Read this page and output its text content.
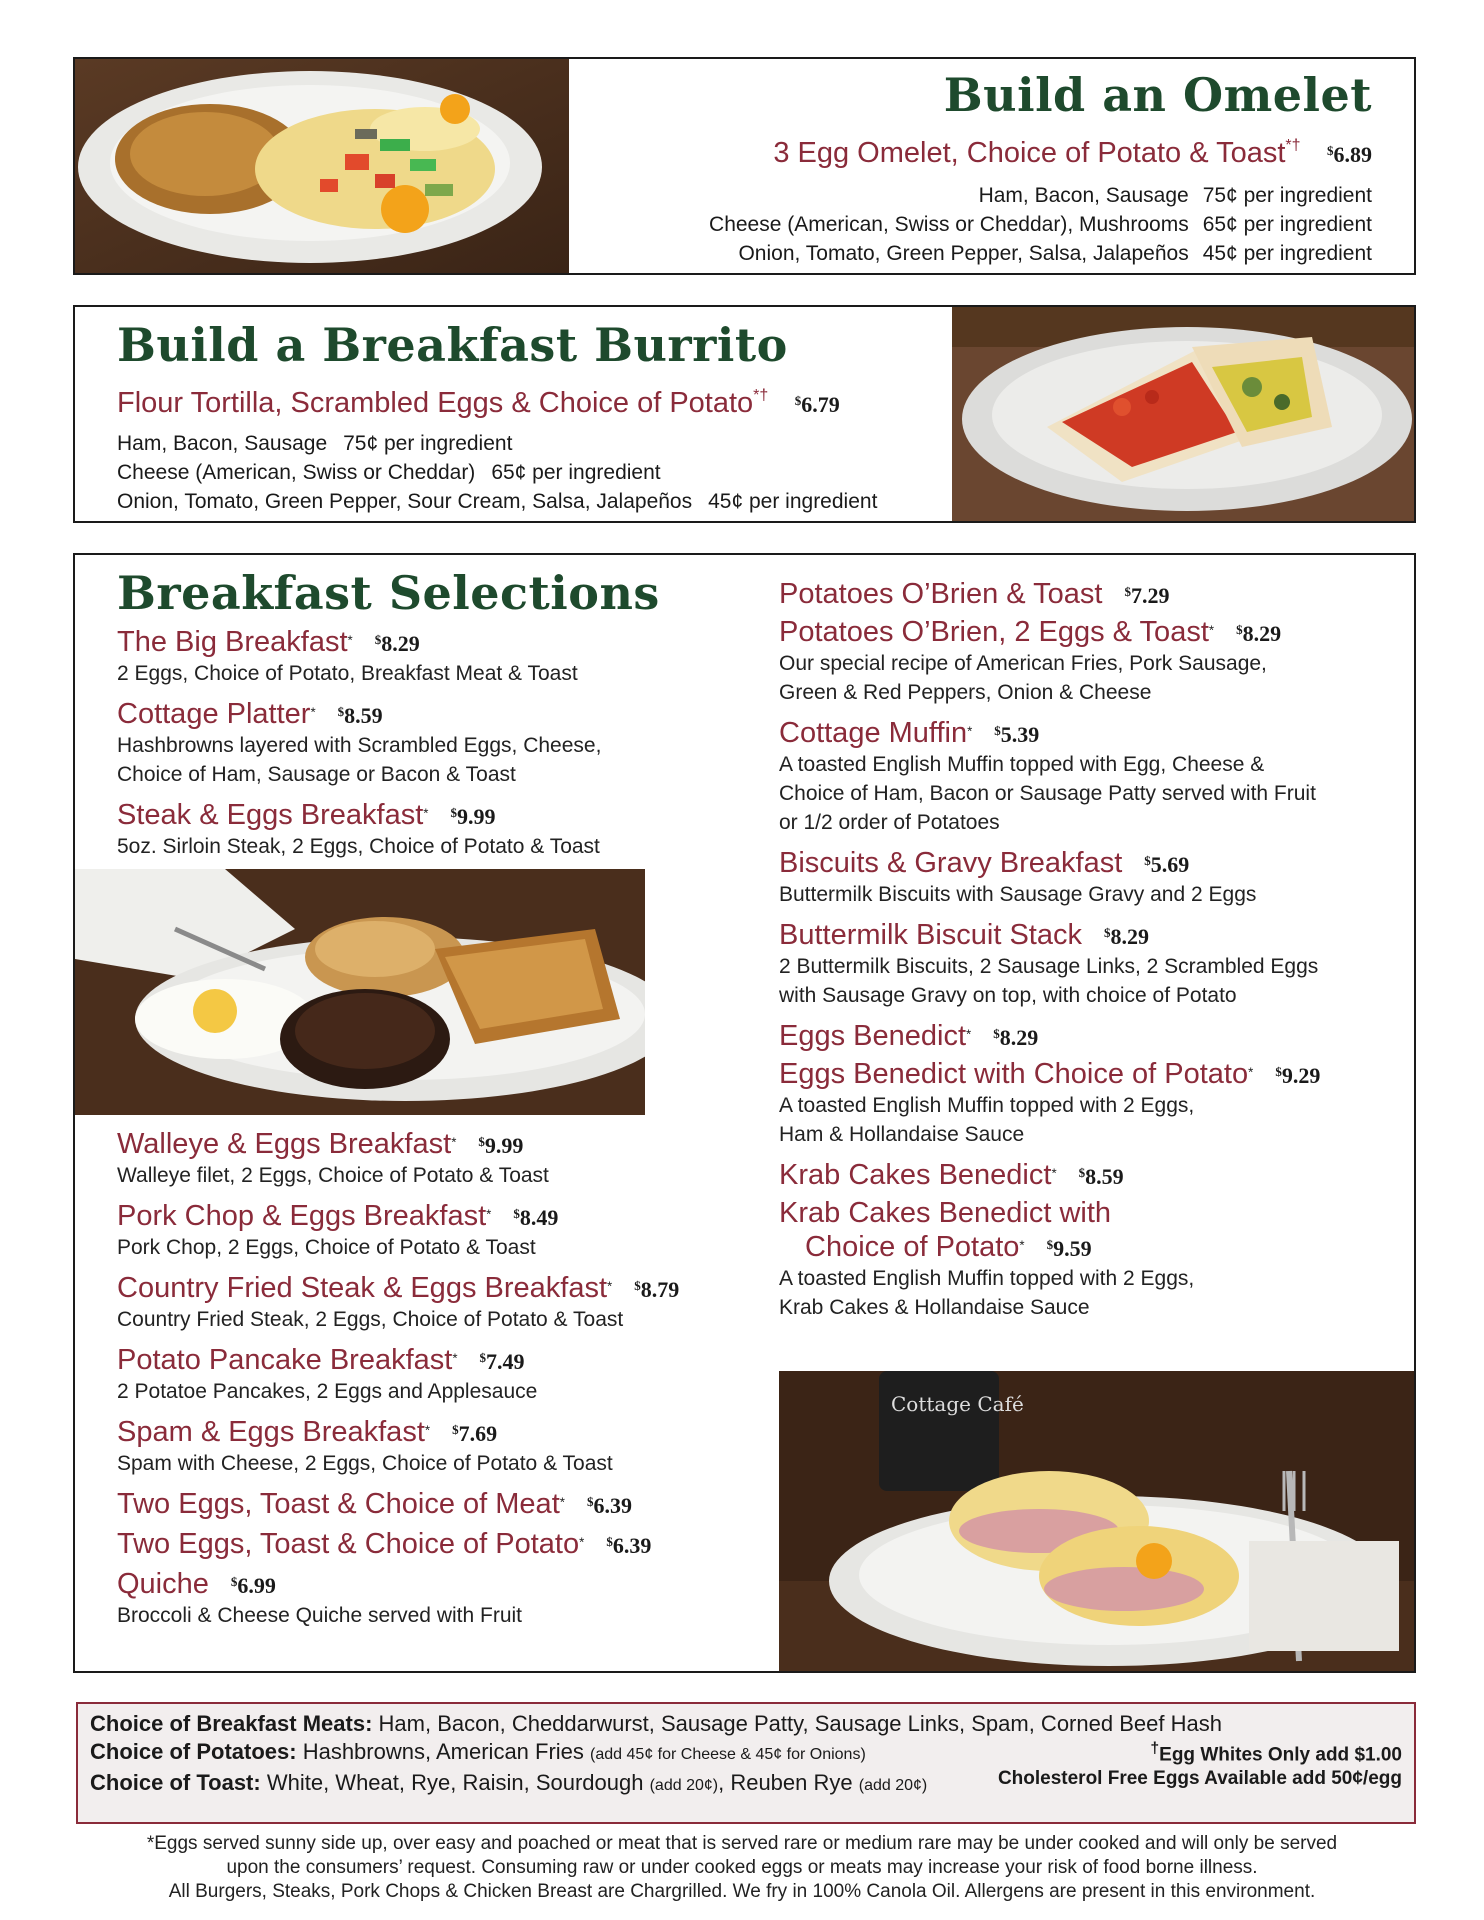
Build an Omelet
3 Egg Omelet, Choice of Potato & Toast*† $6.89
Ham, Bacon, Sausage 75¢ per ingredient
Cheese (American, Swiss or Cheddar), Mushrooms 65¢ per ingredient
Onion, Tomato, Green Pepper, Salsa, Jalapeños 45¢ per ingredient
Build a Breakfast Burrito
Flour Tortilla, Scrambled Eggs & Choice of Potato*† $6.79
Ham, Bacon, Sausage 75¢ per ingredient
Cheese (American, Swiss or Cheddar) 65¢ per ingredient
Onion, Tomato, Green Pepper, Sour Cream, Salsa, Jalapeños 45¢ per ingredient
Breakfast Selections
The Big Breakfast* $8.29
2 Eggs, Choice of Potato, Breakfast Meat & Toast
Cottage Platter* $8.59
Hashbrowns layered with Scrambled Eggs, Cheese,
Choice of Ham, Sausage or Bacon & Toast
Steak & Eggs Breakfast* $9.99
5oz. Sirloin Steak, 2 Eggs, Choice of Potato & Toast
Walleye & Eggs Breakfast* $9.99
Walleye filet, 2 Eggs, Choice of Potato & Toast
Pork Chop & Eggs Breakfast* $8.49
Pork Chop, 2 Eggs, Choice of Potato & Toast
Country Fried Steak & Eggs Breakfast* $8.79
Country Fried Steak, 2 Eggs, Choice of Potato & Toast
Potato Pancake Breakfast* $7.49
2 Potatoe Pancakes, 2 Eggs and Applesauce
Spam & Eggs Breakfast* $7.69
Spam with Cheese, 2 Eggs, Choice of Potato & Toast
Two Eggs, Toast & Choice of Meat* $6.39
Two Eggs, Toast & Choice of Potato* $6.39
Quiche $6.99
Broccoli & Cheese Quiche served with Fruit
Potatoes O’Brien & Toast $7.29
Potatoes O’Brien, 2 Eggs & Toast* $8.29
Our special recipe of American Fries, Pork Sausage,
Green & Red Peppers, Onion & Cheese
Cottage Muffin* $5.39
A toasted English Muffin topped with Egg, Cheese &
Choice of Ham, Bacon or Sausage Patty served with Fruit
or 1/2 order of Potatoes
Biscuits & Gravy Breakfast $5.69
Buttermilk Biscuits with Sausage Gravy and 2 Eggs
Buttermilk Biscuit Stack $8.29
2 Buttermilk Biscuits, 2 Sausage Links, 2 Scrambled Eggs
with Sausage Gravy on top, with choice of Potato
Eggs Benedict* $8.29
Eggs Benedict with Choice of Potato* $9.29
A toasted English Muffin topped with 2 Eggs,
Ham & Hollandaise Sauce
Krab Cakes Benedict* $8.59
Krab Cakes Benedict with
Choice of Potato* $9.59
A toasted English Muffin topped with 2 Eggs,
Krab Cakes & Hollandaise Sauce
Cottage Café
Choice of Breakfast Meats: Ham, Bacon, Cheddarwurst, Sausage Patty, Sausage Links, Spam, Corned Beef Hash
Choice of Potatoes: Hashbrowns, American Fries (add 45¢ for Cheese & 45¢ for Onions)
Choice of Toast: White, Wheat, Rye, Raisin, Sourdough (add 20¢), Reuben Rye (add 20¢)
†Egg Whites Only add $1.00
Cholesterol Free Eggs Available add 50¢/egg
*Eggs served sunny side up, over easy and poached or meat that is served rare or medium rare may be under cooked and will only be served
upon the consumers’ request. Consuming raw or under cooked eggs or meats may increase your risk of food borne illness.
All Burgers, Steaks, Pork Chops & Chicken Breast are Chargrilled. We fry in 100% Canola Oil. Allergens are present in this environment.
